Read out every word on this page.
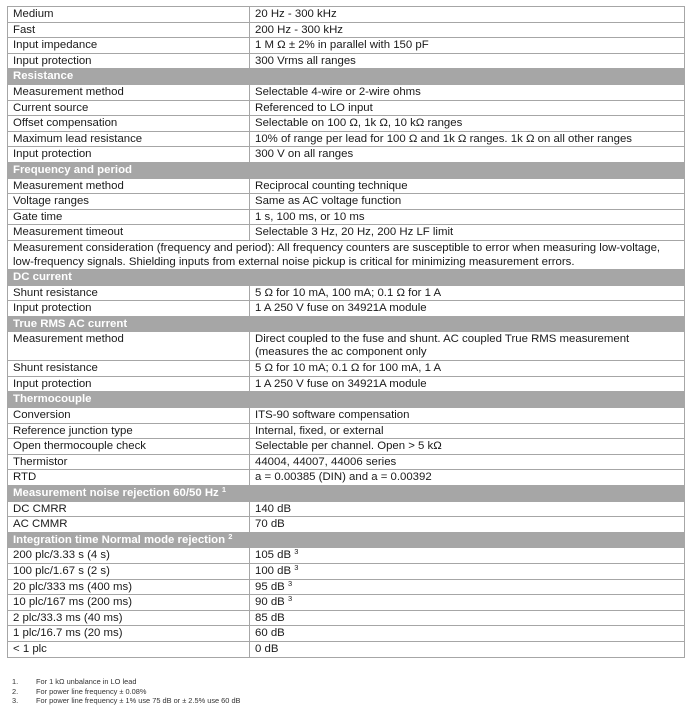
Medium	20 Hz - 300 kHz
Fast	200 Hz - 300 kHz
Input impedance	1 M Ω ± 2% in parallel with 150 pF
Input protection	300 Vrms all ranges
Resistance	
Measurement method	Selectable 4-wire or 2-wire ohms
Current source	Referenced to LO input
Offset compensation	Selectable on 100 Ω, 1k Ω, 10 kΩ ranges
Maximum lead resistance	10% of range per lead for 100 Ω and 1k Ω ranges. 1k Ω on all other ranges
Input protection	300 V on all ranges
Frequency and period	
Measurement method	Reciprocal counting technique
Voltage ranges	Same as AC voltage function
Gate time	1 s, 100 ms, or 10 ms
Measurement timeout	Selectable 3 Hz, 20 Hz, 200 Hz LF limit
Measurement consideration (frequency and period): All frequency counters are susceptible to error when measuring low-voltage, low-frequency signals. Shielding inputs from external noise pickup is critical for minimizing measurement errors.	
DC current	
Shunt resistance	5 Ω for 10 mA, 100 mA; 0.1 Ω for 1 A
Input protection	1 A 250 V fuse on 34921A module
True RMS AC current	
Measurement method	Direct coupled to the fuse and shunt. AC coupled True RMS measurement (measures the ac component only
Shunt resistance	5 Ω for 10 mA; 0.1 Ω for 100 mA, 1 A
Input protection	1 A 250 V fuse on 34921A module
Thermocouple	
Conversion	ITS-90 software compensation
Reference junction type	Internal, fixed, or external
Open thermocouple check	Selectable per channel. Open > 5 kΩ
Thermistor	44004, 44007, 44006 series
RTD	a = 0.00385 (DIN) and a = 0.00392
Measurement noise rejection 60/50 Hz $^1$
DC CMRR	140 dB
AC CMMR	70 dB
Integration time Normal mode rejection $^2$
200 plc/3.33 s (4 s)	105 dB $^3$
100 plc/1.67 s (2 s)	100 dB $^3$
20 plc/333 ms (400 ms)	95 dB $^3$
10 plc/167 ms (200 ms)	90 dB $^3$
2 plc/33.3 ms (40 ms)	85 dB
1 plc/16.7 ms (20 ms)	60 dB
< 1 plc	0 dB
1.	For 1 kΩ unbalance in LO lead
2.	For power line frequency ± 0.08%
3.	For power line frequency ± 1% use 75 dB or ± 2.5% use 60 dB
